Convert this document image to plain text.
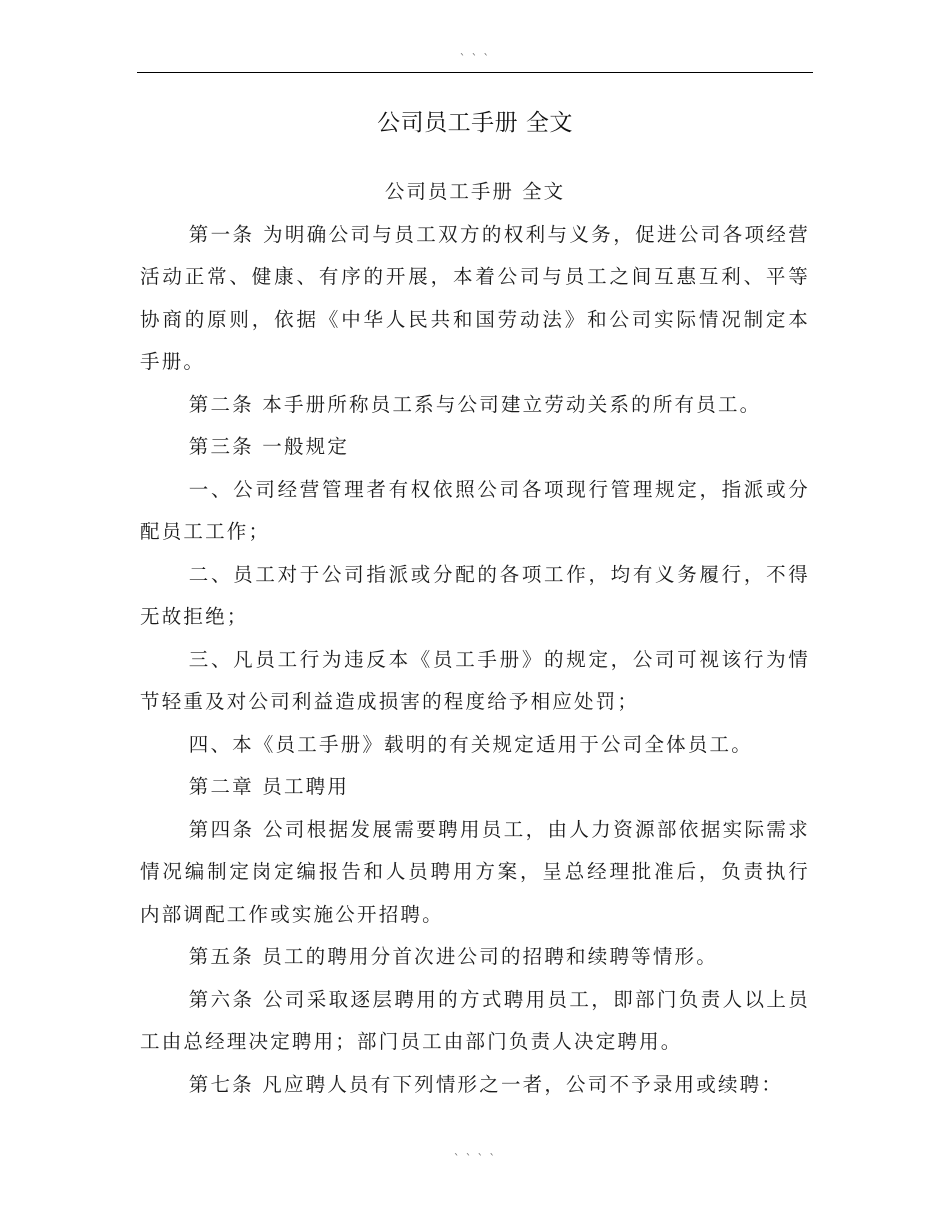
` ` `
公司员工手册 全文

公司员工手册 全文

第一条 为明确公司与员工双方的权利与义务，促进公司各项经营活动正常、健康、有序的开展，本着公司与员工之间互惠互利、平等协商的原则，依据《中华人民共和国劳动法》和公司实际情况制定本手册。

第二条 本手册所称员工系与公司建立劳动关系的所有员工。

第三条 一般规定

一、公司经营管理者有权依照公司各项现行管理规定，指派或分配员工工作；

二、员工对于公司指派或分配的各项工作，均有义务履行，不得无故拒绝；

三、凡员工行为违反本《员工手册》的规定，公司可视该行为情节轻重及对公司利益造成损害的程度给予相应处罚；

四、本《员工手册》载明的有关规定适用于公司全体员工。

第二章 员工聘用

第四条 公司根据发展需要聘用员工，由人力资源部依据实际需求情况编制定岗定编报告和人员聘用方案，呈总经理批准后，负责执行内部调配工作或实施公开招聘。

第五条 员工的聘用分首次进公司的招聘和续聘等情形。

第六条 公司采取逐层聘用的方式聘用员工，即部门负责人以上员工由总经理决定聘用；部门员工由部门负责人决定聘用。

第七条 凡应聘人员有下列情形之一者，公司不予录用或续聘：

` ` ` `
